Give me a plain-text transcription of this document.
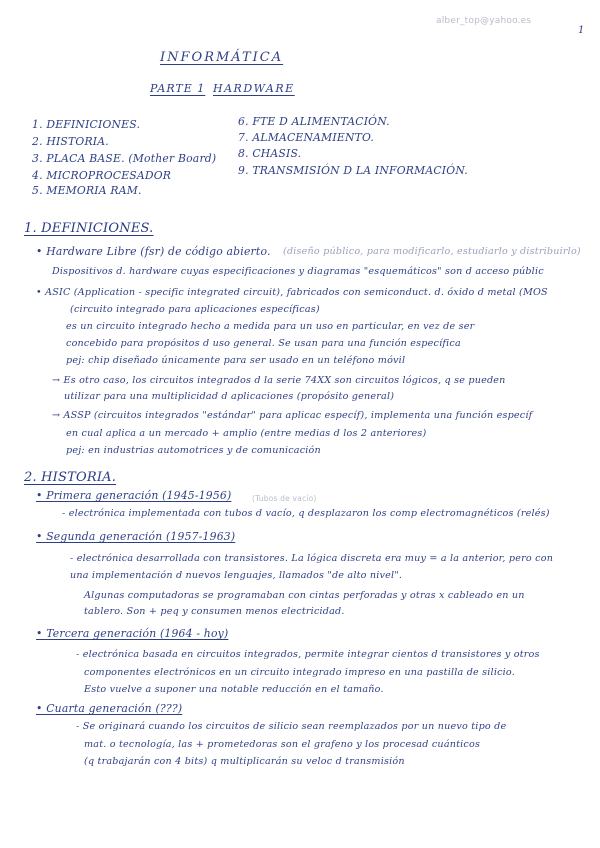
alber_top@yahoo.es
1
INFORMÁTICA
PARTE 1 HARDWARE
1. DEFINICIONES.
2. HISTORIA.
3. PLACA BASE. (Mother Board)
4. MICROPROCESADOR
5. MEMORIA RAM.
6. FTE D ALIMENTACIÓN.
7. ALMACENAMIENTO.
8. CHASIS.
9. TRANSMISIÓN D LA INFORMACIÓN.
1. DEFINICIONES.
• Hardware Libre (fsr) de código abierto. (diseño público, para modificarlo, estudiarlo y distribuirlo)
Dispositivos d. hardware cuyas especificaciones y diagramas "esquemáticos" son d acceso públic
• ASIC (Application - specific integrated circuit), fabricados con semiconduct. d. óxido d metal (MOS
(circuito integrado para aplicaciones específicas)
es un circuito integrado hecho a medida para un uso en particular, en vez de ser
concebido para propósitos d uso general. Se usan para una función específica
pej: chip diseñado únicamente para ser usado en un teléfono móvil
→ Es otro caso, los circuitos integrados d la serie 74XX son circuitos lógicos, q se pueden
utilizar para una multiplicidad d aplicaciones (propósito general)
→ ASSP (circuitos integrados "estándar" para aplicac específ), implementa una función específ
en cual aplica a un mercado + amplio (entre medias d los 2 anteriores)
pej: en industrias automotrices y de comunicación
2. HISTORIA.
• Primera generación (1945-1956)	(Tubos de vacío)
- electrónica implementada con tubos d vacío, q desplazaron los comp electromagnéticos (relés)
• Segunda generación (1957-1963)
- electrónica desarrollada con transistores. La lógica discreta era muy = a la anterior, pero con
una implementación d nuevos lenguajes, llamados "de alto nivel".
Algunas computadoras se programaban con cintas perforadas y otras x cableado en un
tablero. Son + peq y consumen menos electricidad.
• Tercera generación (1964 - hoy)
- electrónica basada en circuitos integrados, permite integrar cientos d transistores y otros
componentes electrónicos en un circuito integrado impreso en una pastilla de silicio.
Esto vuelve a suponer una notable reducción en el tamaño.
• Cuarta generación (???)
- Se originará cuando los circuitos de silicio sean reemplazados por un nuevo tipo de
mat. o tecnología, las + prometedoras son el grafeno y los procesad cuánticos
(q trabajarán con 4 bits) q multiplicarán su veloc d transmisión
